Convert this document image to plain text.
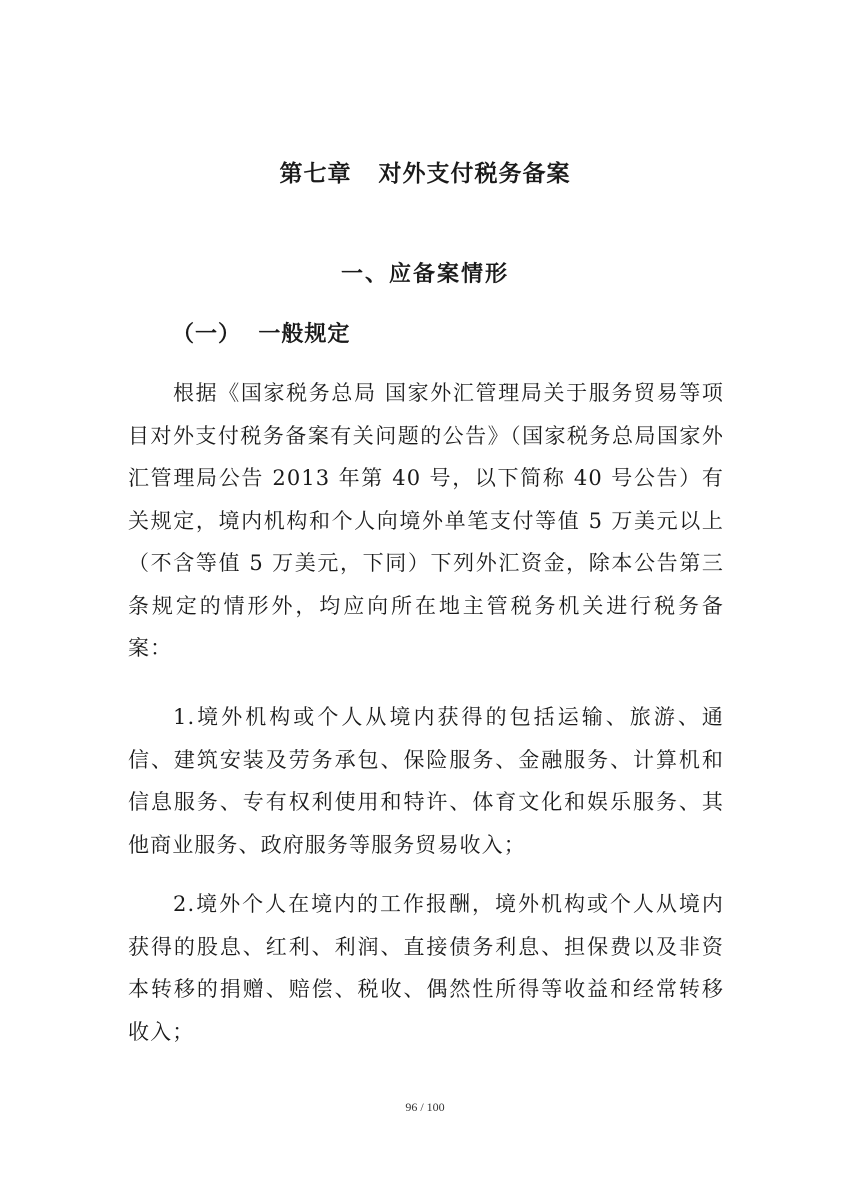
第七章   对外支付税务备案
一、应备案情形
（一）  一般规定

根据《国家税务总局 国家外汇管理局关于服务贸易等项目对外支付税务备案有关问题的公告》（国家税务总局国家外汇管理局公告 2013 年第 40 号，以下简称 40 号公告）有关规定，境内机构和个人向境外单笔支付等值 5 万美元以上（不含等值 5 万美元，下同）下列外汇资金，除本公告第三条规定的情形外，均应向所在地主管税务机关进行税务备案：

1.境外机构或个人从境内获得的包括运输、旅游、通信、建筑安装及劳务承包、保险服务、金融服务、计算机和信息服务、专有权利使用和特许、体育文化和娱乐服务、其他商业服务、政府服务等服务贸易收入；

2.境外个人在境内的工作报酬，境外机构或个人从境内获得的股息、红利、利润、直接债务利息、担保费以及非资本转移的捐赠、赔偿、税收、偶然性所得等收益和经常转移收入；

96 / 100
